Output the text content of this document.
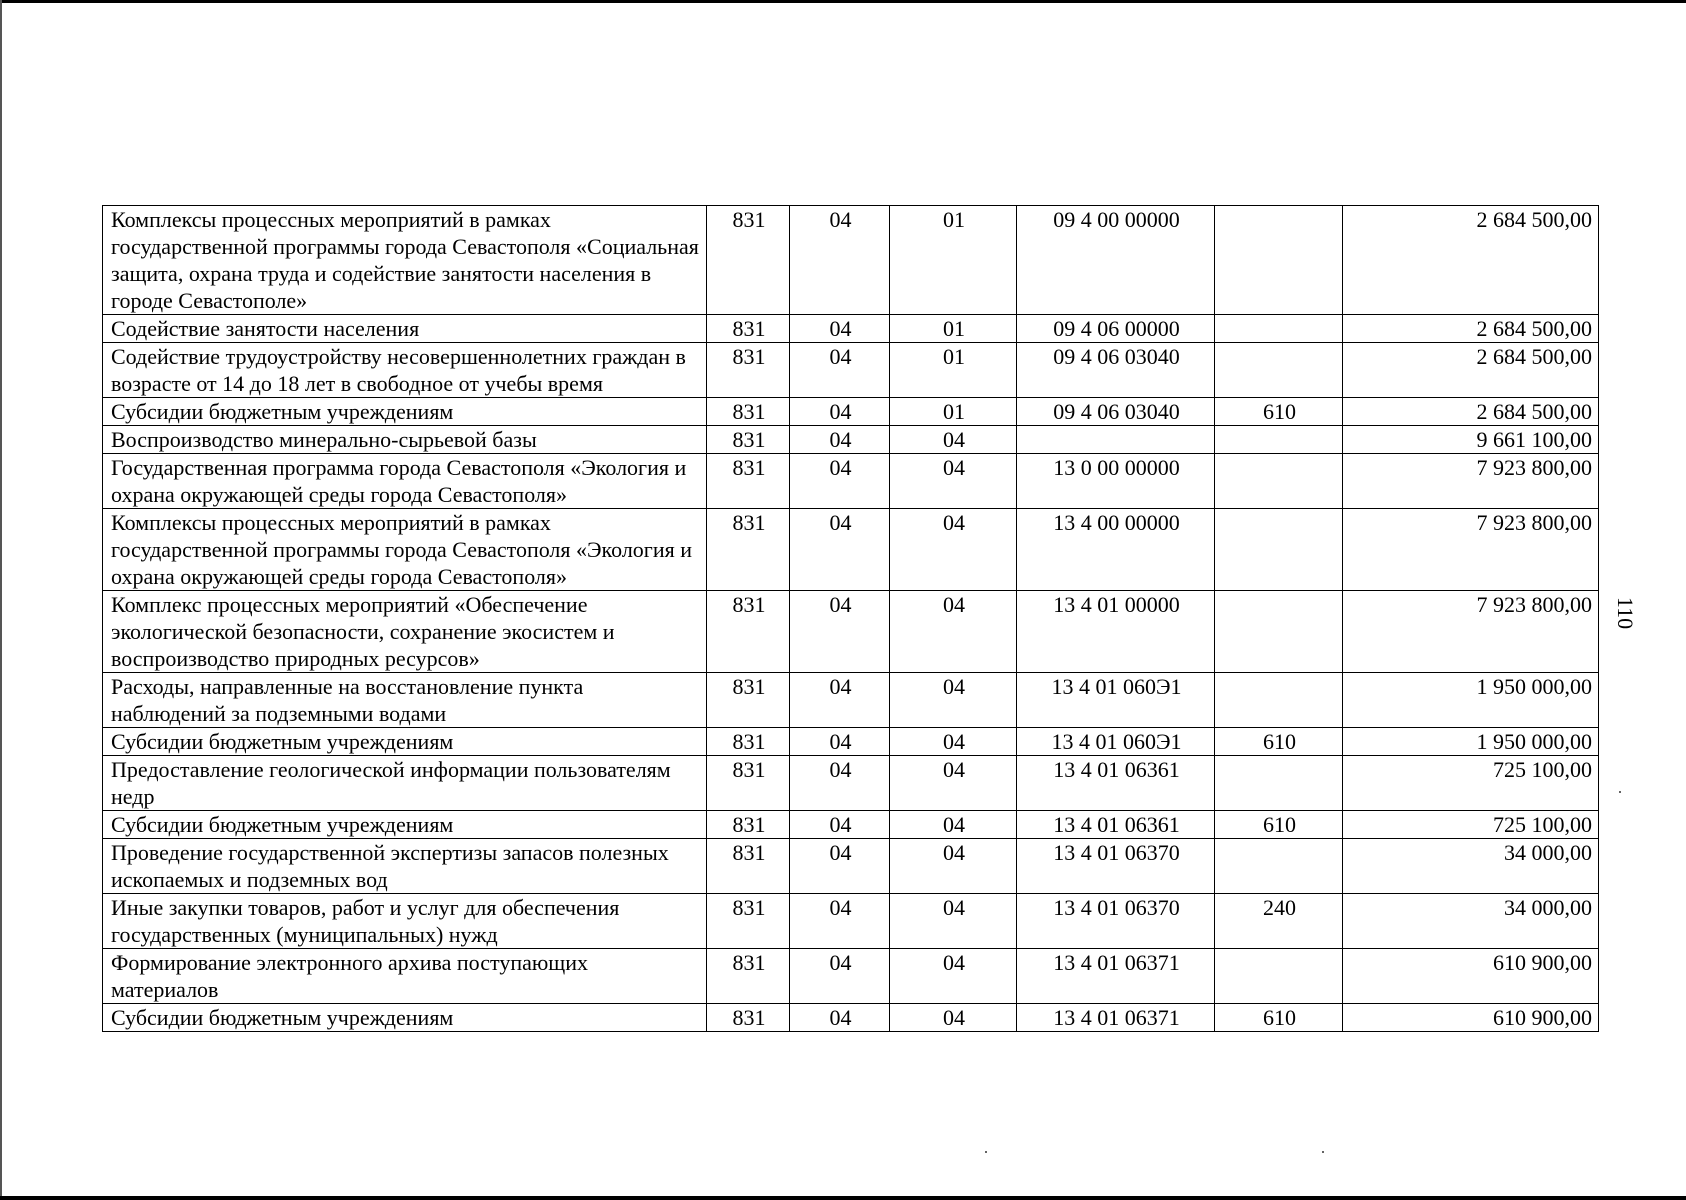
Комплексы процессных мероприятий в рамках государственной программы города Севастополя «Социальная защита, охрана труда и содействие занятости населения в городе Севастополе»	831	04	01	09 4 00 00000		2 684 500,00
Содействие занятости населения	831	04	01	09 4 06 00000		2 684 500,00
Содействие трудоустройству несовершеннолетних граждан в возрасте от 14 до 18 лет в свободное от учебы время	831	04	01	09 4 06 03040		2 684 500,00
Субсидии бюджетным учреждениям	831	04	01	09 4 06 03040	610	2 684 500,00
Воспроизводство минерально-сырьевой базы	831	04	04			9 661 100,00
Государственная программа города Севастополя «Экология и охрана окружающей среды города Севастополя»	831	04	04	13 0 00 00000		7 923 800,00
Комплексы процессных мероприятий в рамках государственной программы города Севастополя «Экология и охрана окружающей среды города Севастополя»	831	04	04	13 4 00 00000		7 923 800,00
Комплекс процессных мероприятий «Обеспечение экологической безопасности, сохранение экосистем и воспроизводство природных ресурсов»	831	04	04	13 4 01 00000		7 923 800,00
Расходы, направленные на восстановление пункта наблюдений за подземными водами	831	04	04	13 4 01 060Э1		1 950 000,00
Субсидии бюджетным учреждениям	831	04	04	13 4 01 060Э1	610	1 950 000,00
Предоставление геологической информации пользователям недр	831	04	04	13 4 01 06361		725 100,00
Субсидии бюджетным учреждениям	831	04	04	13 4 01 06361	610	725 100,00
Проведение государственной экспертизы запасов полезных ископаемых и подземных вод	831	04	04	13 4 01 06370		34 000,00
Иные закупки товаров, работ и услуг для обеспечения государственных (муниципальных) нужд	831	04	04	13 4 01 06370	240	34 000,00
Формирование электронного архива поступающих материалов	831	04	04	13 4 01 06371		610 900,00
Субсидии бюджетным учреждениям	831	04	04	13 4 01 06371	610	610 900,00
110
